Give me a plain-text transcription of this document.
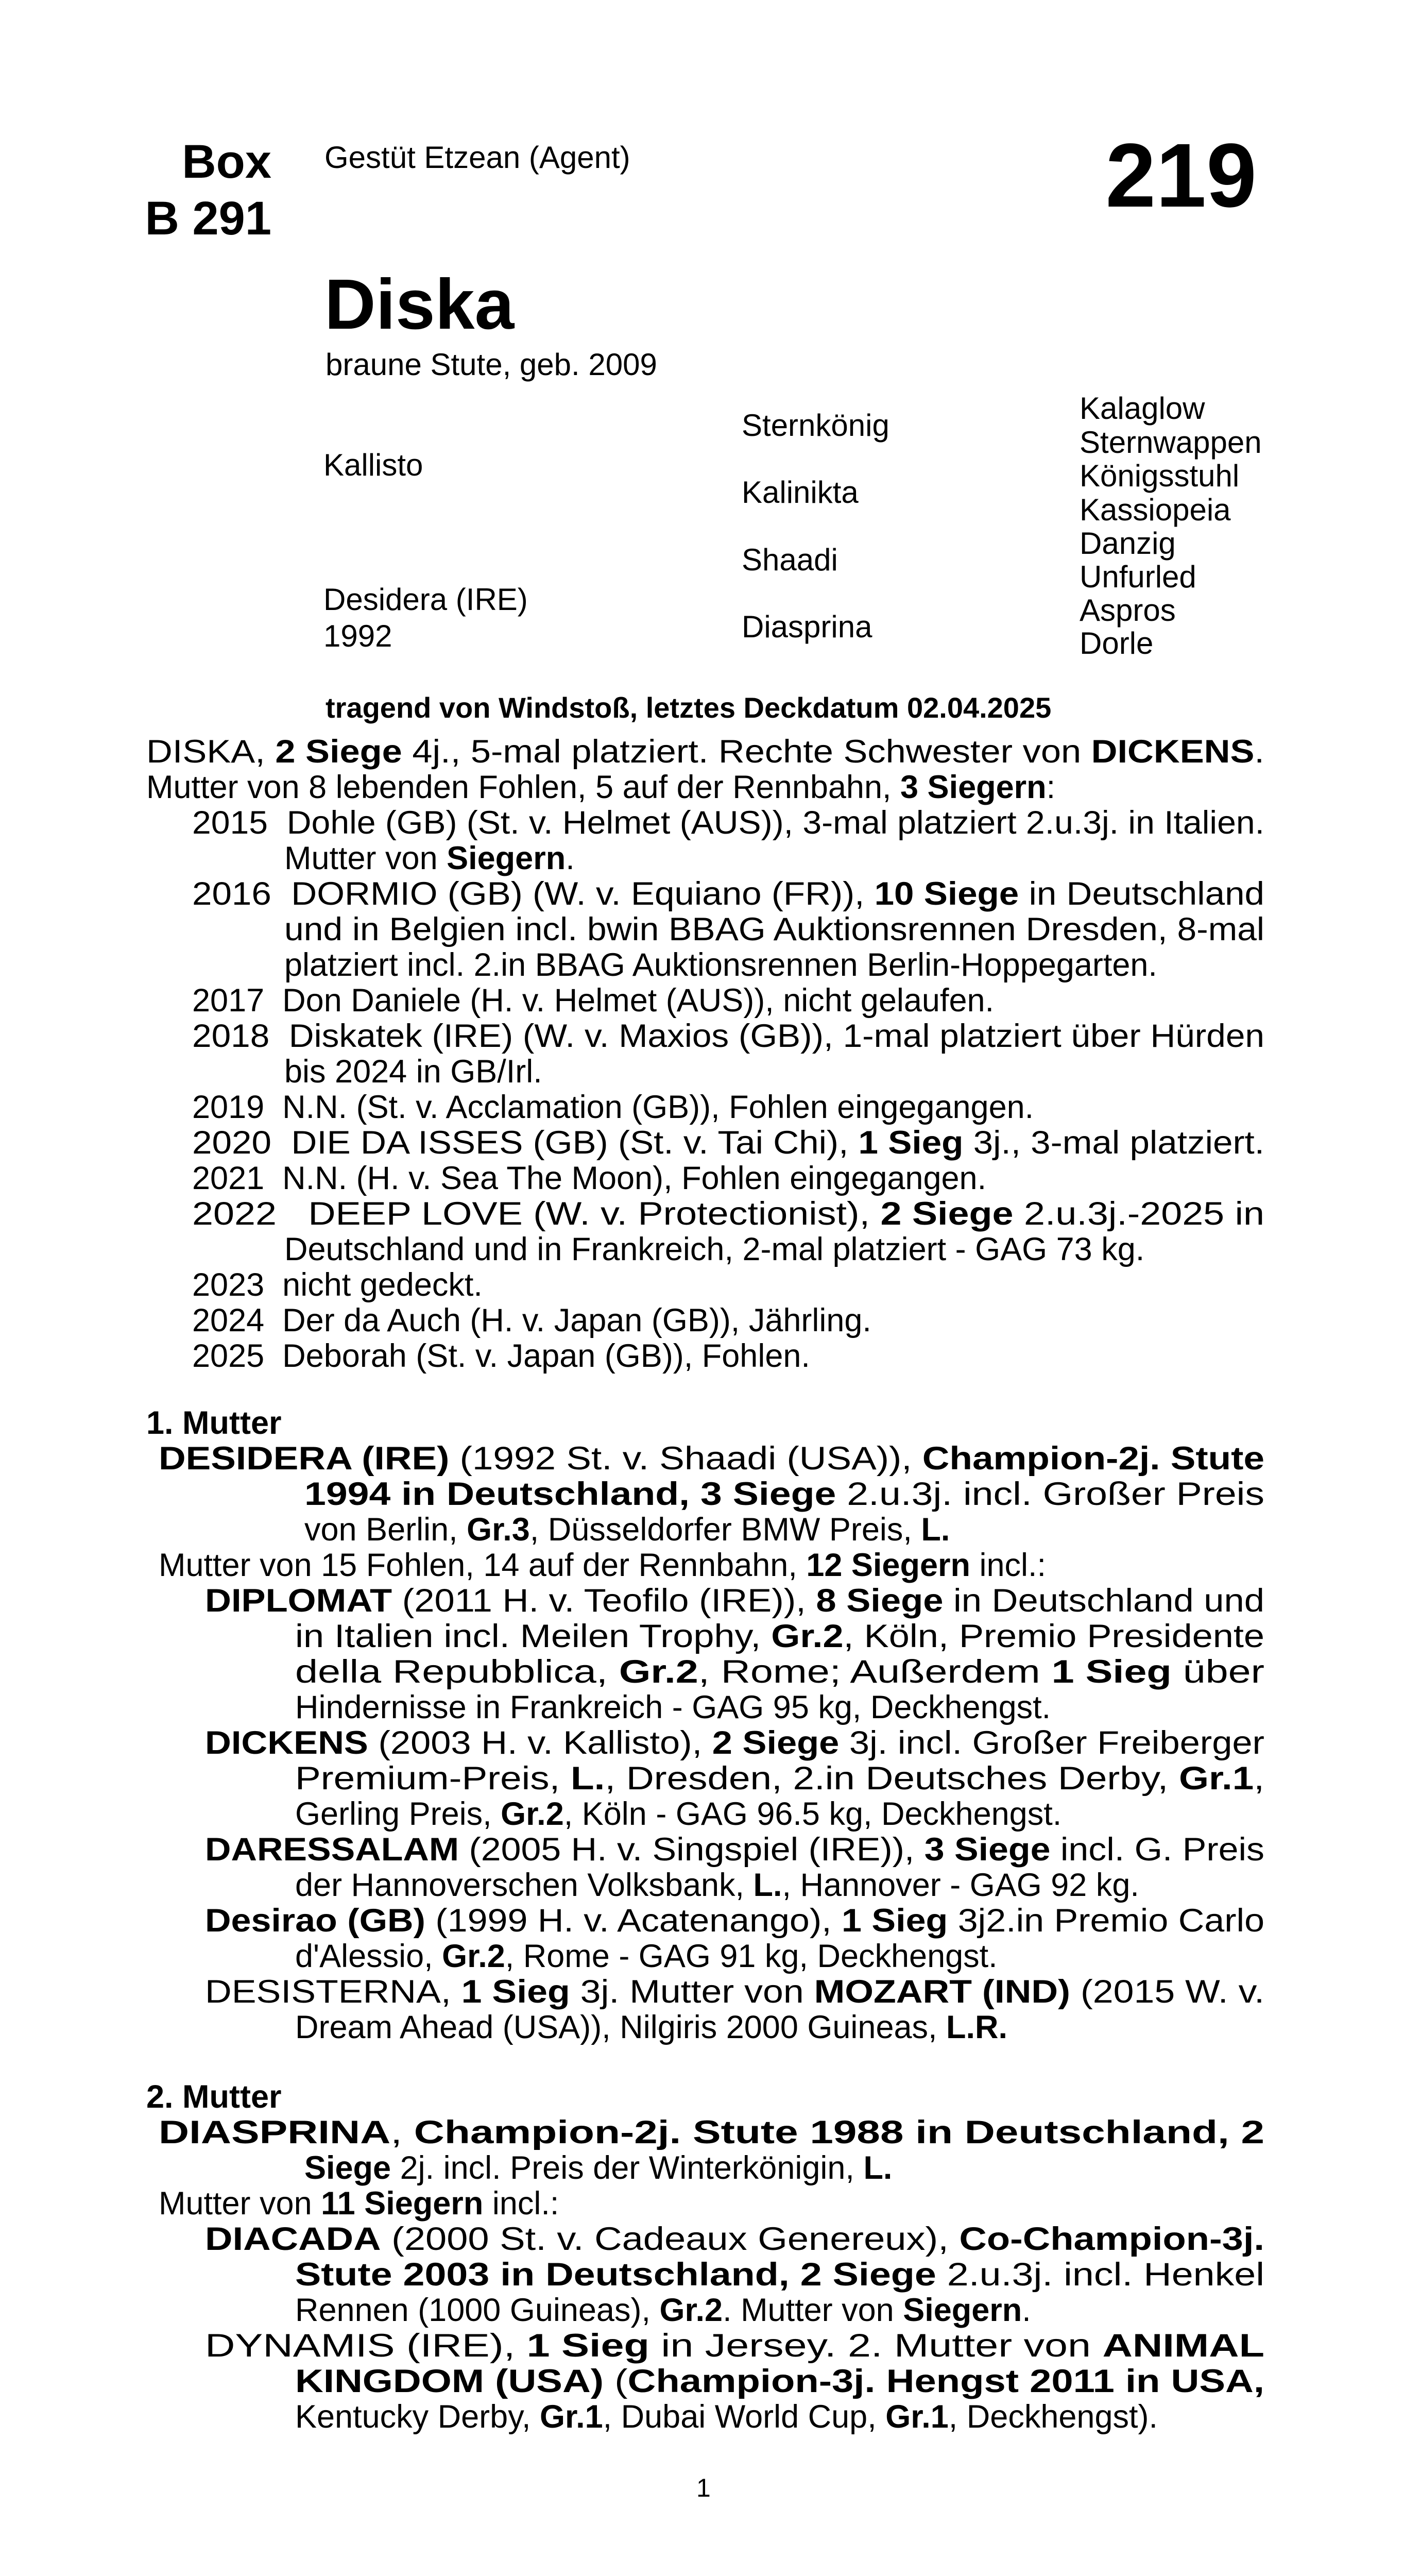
Box
B 291
Gestüt Etzean (Agent)	219
Diska
braune Stute, geb. 2009
Kallisto
Desidera (IRE)
1992
Sternkönig
Kalinikta
Shaadi
Diasprina
Kalaglow
Sternwappen
Königsstuhl
Kassiopeia
Danzig
Unfurled
Aspros
Dorle
tragend von Windstoß, letztes Deckdatum 02.04.2025
DISKA, 2 Siege 4j., 5-mal platziert. Rechte Schwester von DICKENS.
Mutter von 8 lebenden Fohlen, 5 auf der Rennbahn, 3 Siegern:
2015  Dohle (GB) (St. v. Helmet (AUS)), 3-mal platziert 2.u.3j. in Italien.
Mutter von Siegern.
2016  DORMIO (GB) (W. v. Equiano (FR)), 10 Siege in Deutschland
und in Belgien incl. bwin BBAG Auktionsrennen Dresden, 8-mal
platziert incl. 2.in BBAG Auktionsrennen Berlin-Hoppegarten.
2017  Don Daniele (H. v. Helmet (AUS)), nicht gelaufen.
2018  Diskatek (IRE) (W. v. Maxios (GB)), 1-mal platziert über Hürden
bis 2024 in GB/Irl.
2019  N.N. (St. v. Acclamation (GB)), Fohlen eingegangen.
2020  DIE DA ISSES (GB) (St. v. Tai Chi), 1 Sieg 3j., 3-mal platziert.
2021  N.N. (H. v. Sea The Moon), Fohlen eingegangen.
2022   DEEP LOVE (W. v. Protectionist), 2 Siege 2.u.3j.-2025 in
Deutschland und in Frankreich, 2-mal platziert - GAG 73 kg.
2023  nicht gedeckt.
2024  Der da Auch (H. v. Japan (GB)), Jährling.
2025  Deborah (St. v. Japan (GB)), Fohlen.
1. Mutter
DESIDERA (IRE) (1992 St. v. Shaadi (USA)), Champion-2j. Stute
1994 in Deutschland, 3 Siege 2.u.3j. incl. Großer Preis
von Berlin, Gr.3, Düsseldorfer BMW Preis, L.
Mutter von 15 Fohlen, 14 auf der Rennbahn, 12 Siegern incl.:
DIPLOMAT (2011 H. v. Teofilo (IRE)), 8 Siege in Deutschland und
in Italien incl. Meilen Trophy, Gr.2, Köln, Premio Presidente
della Repubblica, Gr.2, Rome; Außerdem 1 Sieg über
Hindernisse in Frankreich - GAG 95 kg, Deckhengst.
DICKENS (2003 H. v. Kallisto), 2 Siege 3j. incl. Großer Freiberger
Premium-Preis, L., Dresden, 2.in Deutsches Derby, Gr.1,
Gerling Preis, Gr.2, Köln - GAG 96.5 kg, Deckhengst.
DARESSALAM (2005 H. v. Singspiel (IRE)), 3 Siege incl. G. Preis
der Hannoverschen Volksbank, L., Hannover - GAG 92 kg.
Desirao (GB) (1999 H. v. Acatenango), 1 Sieg 3j2.in Premio Carlo
d'Alessio, Gr.2, Rome - GAG 91 kg, Deckhengst.
DESISTERNA, 1 Sieg 3j. Mutter von MOZART (IND) (2015 W. v.
Dream Ahead (USA)), Nilgiris 2000 Guineas, L.R.
2. Mutter
DIASPRINA, Champion-2j. Stute 1988 in Deutschland, 2
Siege 2j. incl. Preis der Winterkönigin, L.
Mutter von 11 Siegern incl.:
DIACADA (2000 St. v. Cadeaux Genereux), Co-Champion-3j.
Stute 2003 in Deutschland, 2 Siege 2.u.3j. incl. Henkel
Rennen (1000 Guineas), Gr.2. Mutter von Siegern.
DYNAMIS (IRE), 1 Sieg in Jersey. 2. Mutter von ANIMAL
KINGDOM (USA) (Champion-3j. Hengst 2011 in USA,
Kentucky Derby, Gr.1, Dubai World Cup, Gr.1, Deckhengst).
1
